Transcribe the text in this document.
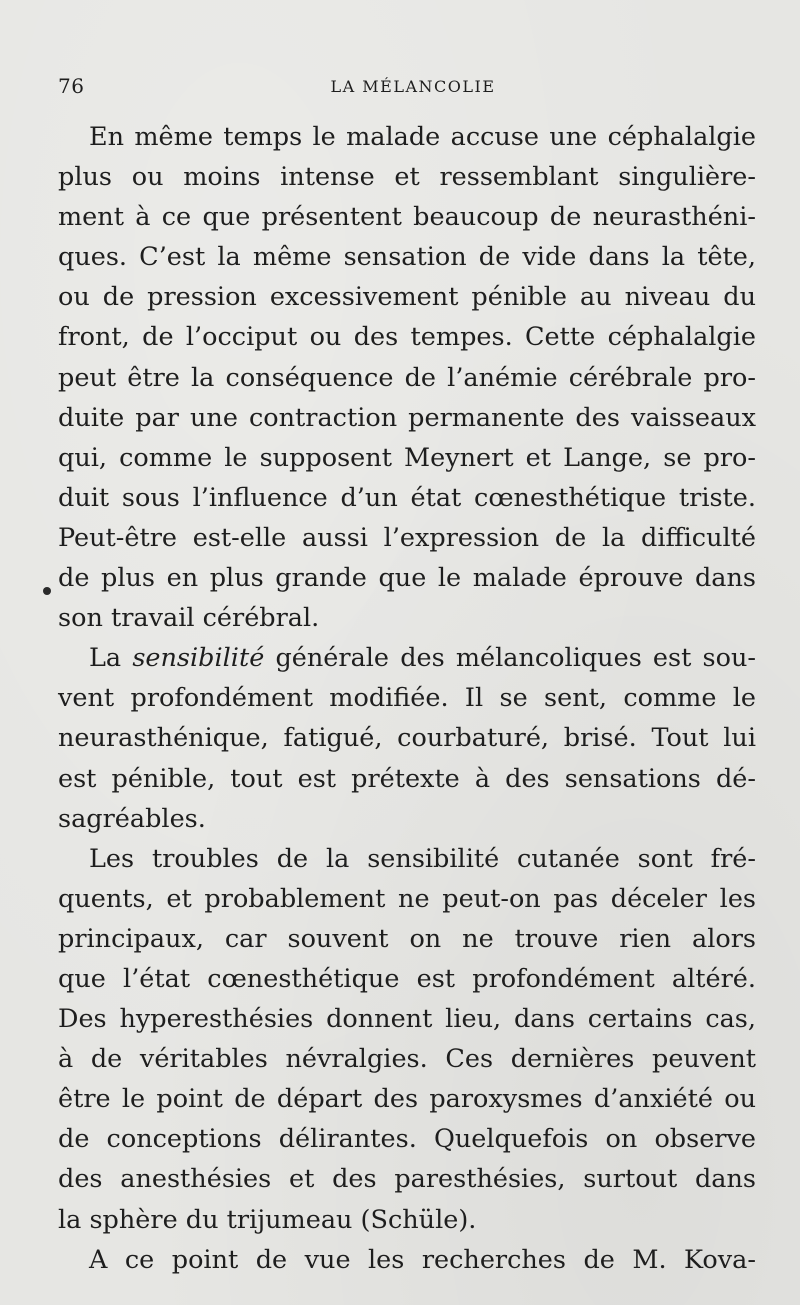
76	LA MÉLANCOLIE
En même temps le malade accuse une céphalalgie
plus ou moins intense et ressemblant singulière-
ment à ce que présentent beaucoup de neurasthéni-
ques. C’est la même sensation de vide dans la tête,
ou de pression excessivement pénible au niveau du
front, de l’occiput ou des tempes. Cette céphalalgie
peut être la conséquence de l’anémie cérébrale pro-
duite par une contraction permanente des vaisseaux
qui, comme le supposent Meynert et Lange, se pro-
duit sous l’influence d’un état cœnesthétique triste.
Peut-être est-elle aussi l’expression de la difficulté
de plus en plus grande que le malade éprouve dans
son travail cérébral.
La sensibilité générale des mélancoliques est sou-
vent profondément modifiée. Il se sent, comme le
neurasthénique, fatigué, courbaturé, brisé. Tout lui
est pénible, tout est prétexte à des sensations dé-
sagréables.
Les troubles de la sensibilité cutanée sont fré-
quents, et probablement ne peut-on pas déceler les
principaux, car souvent on ne trouve rien alors
que l’état cœnesthétique est profondément altéré.
Des hyperesthésies donnent lieu, dans certains cas,
à de véritables névralgies. Ces dernières peuvent
être le point de départ des paroxysmes d’anxiété ou
de conceptions délirantes. Quelquefois on observe
des anesthésies et des paresthésies, surtout dans
la sphère du trijumeau (Schüle).
A ce point de vue les recherches de M. Kova-
